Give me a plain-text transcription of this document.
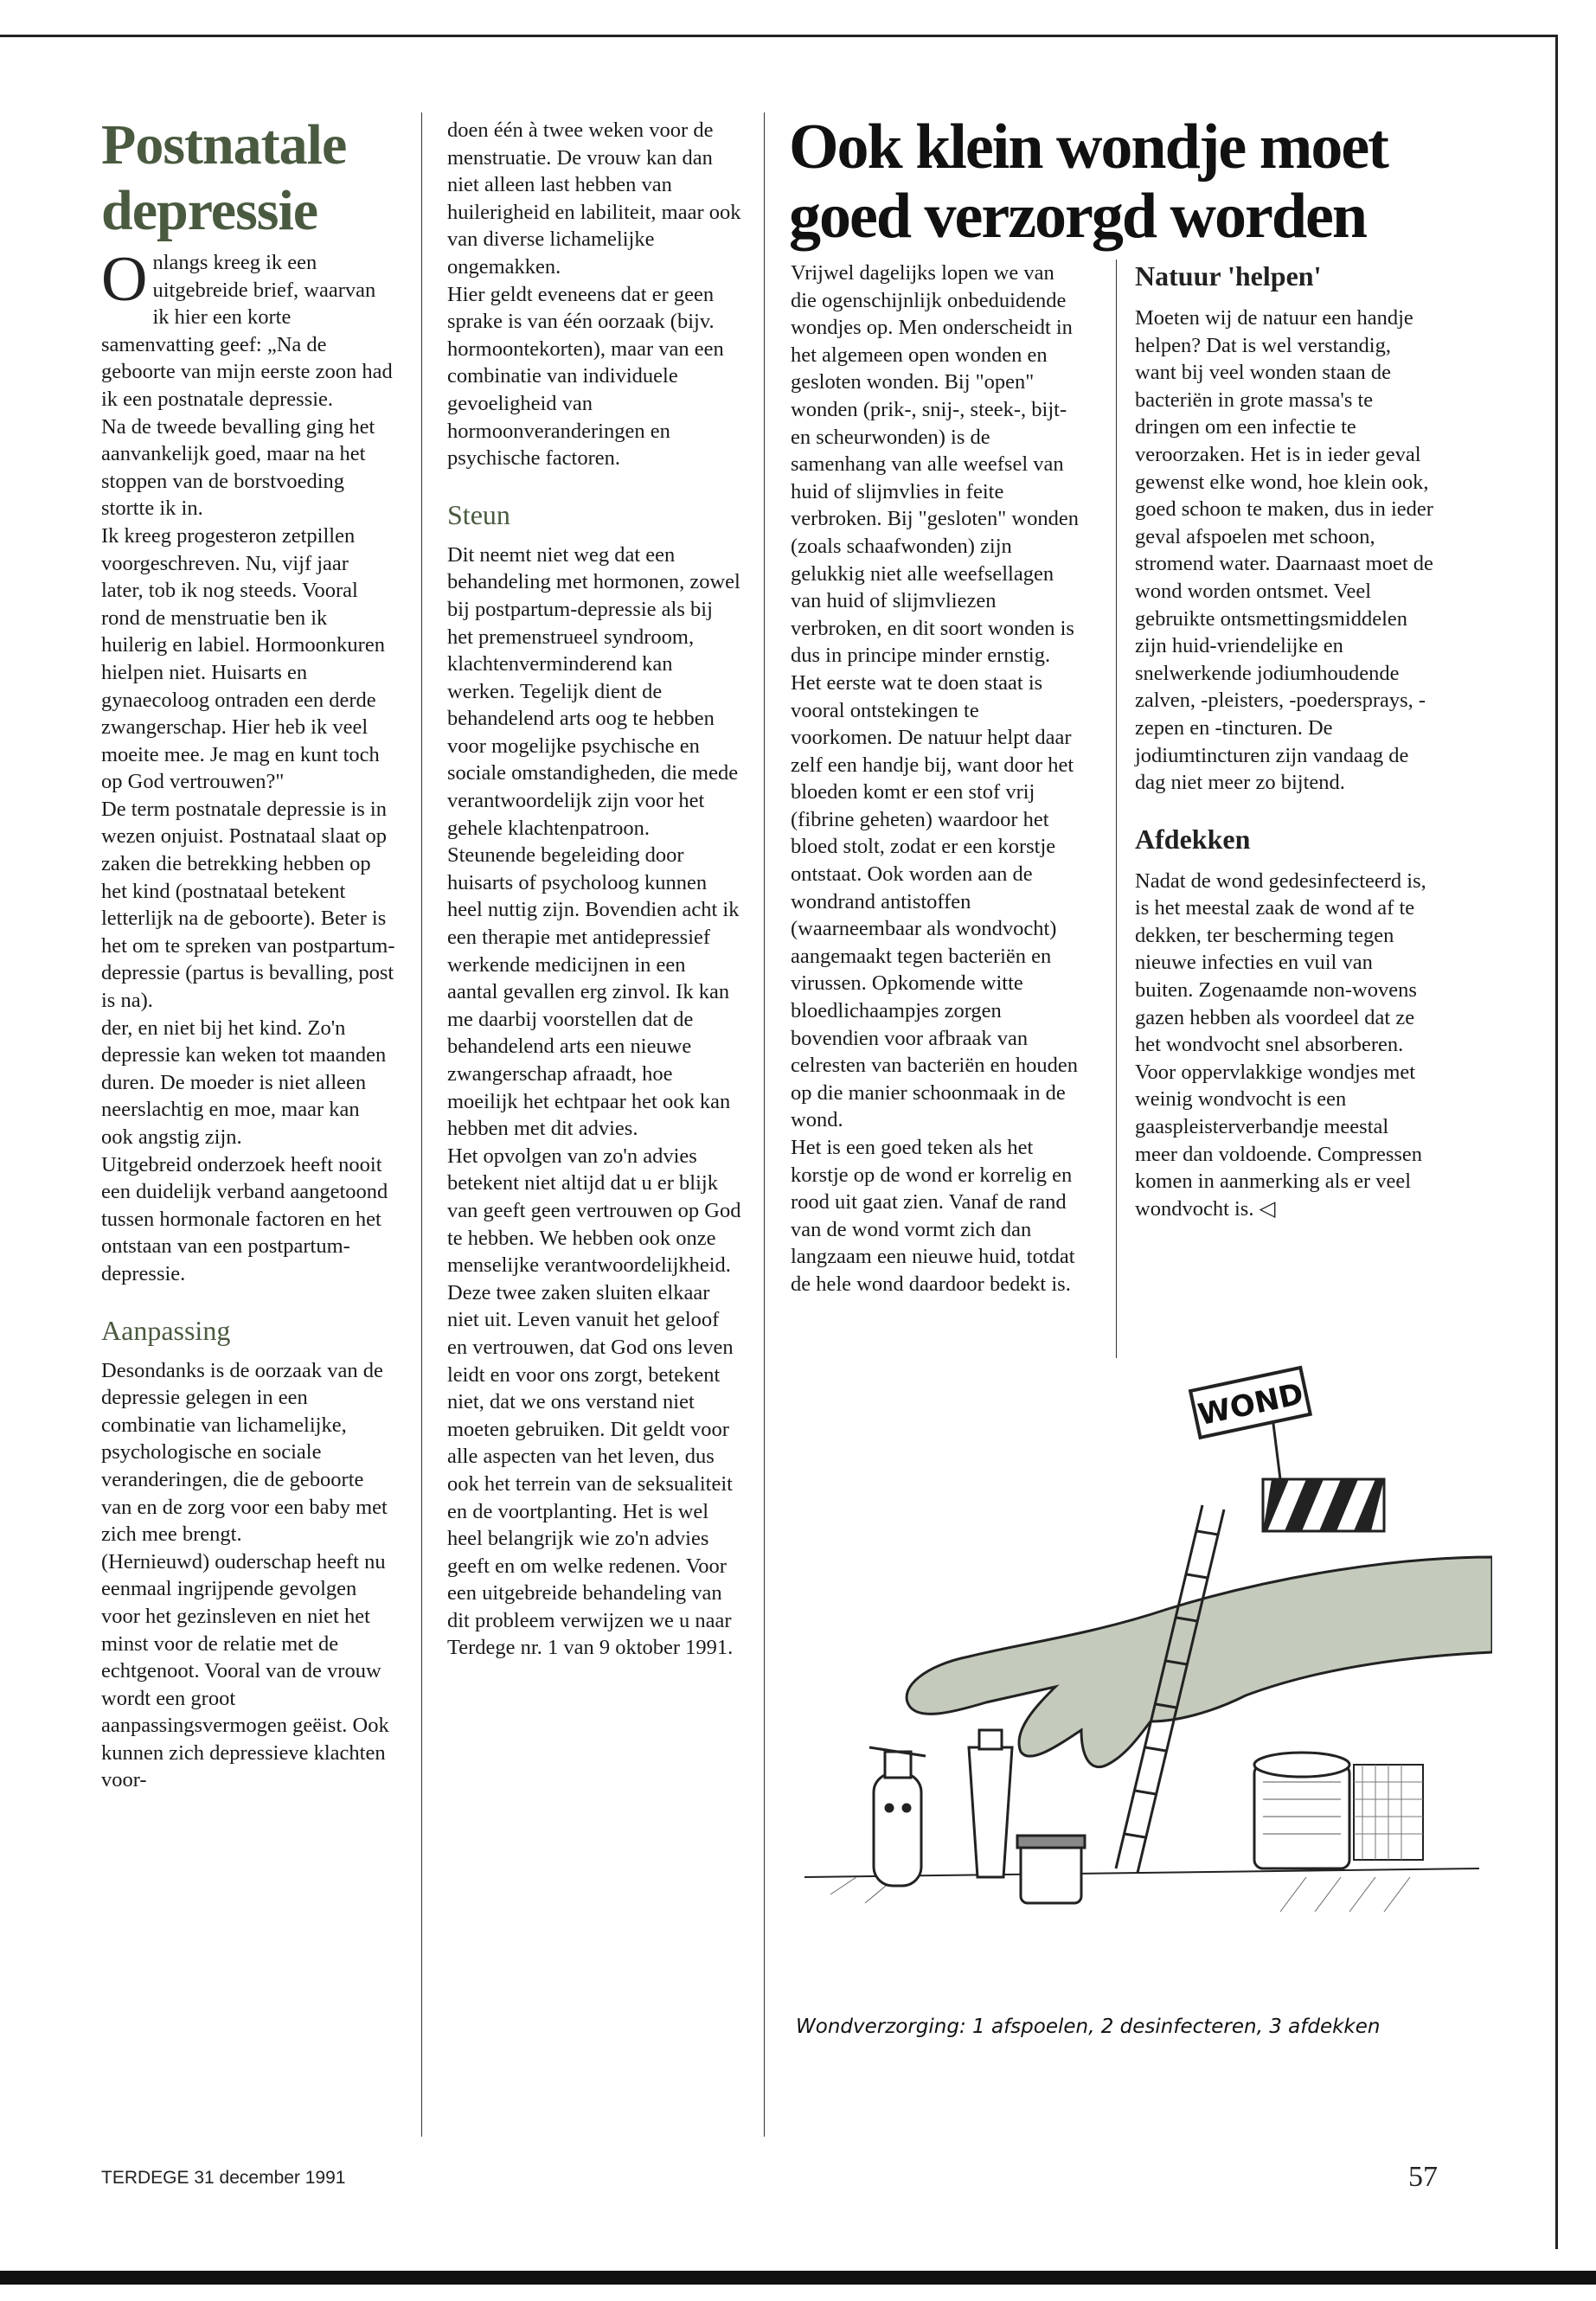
Postnatale
depressie
O nlangs kreeg ik een uitgebreide brief, waarvan ik hier een korte samenvatting geef: „Na de geboorte van mijn eerste zoon had ik een postnatale depressie.

Na de tweede bevalling ging het aanvankelijk goed, maar na het stoppen van de borstvoeding stortte ik in.

Ik kreeg progesteron zetpillen voorgeschreven. Nu, vijf jaar later, tob ik nog steeds. Vooral rond de menstruatie ben ik huilerig en labiel. Hormoonkuren hielpen niet. Huisarts en gynaecoloog ontraden een derde zwangerschap. Hier heb ik veel moeite mee. Je mag en kunt toch op God vertrouwen?"

De term postnatale depressie is in wezen onjuist. Postnataal slaat op zaken die betrekking hebben op het kind (postnataal betekent letterlijk na de geboorte). Beter is het om te spreken van postpartum-depressie (partus is bevalling, post is na).

der, en niet bij het kind. Zo'n depressie kan weken tot maanden duren. De moeder is niet alleen neerslachtig en moe, maar kan ook angstig zijn.

Uitgebreid onderzoek heeft nooit een duidelijk verband aangetoond tussen hormonale factoren en het ontstaan van een postpartum-depressie.

Aanpassing

Desondanks is de oorzaak van de depressie gelegen in een combinatie van lichamelijke, psychologische en sociale veranderingen, die de geboorte van en de zorg voor een baby met zich mee brengt.

(Hernieuwd) ouderschap heeft nu eenmaal ingrijpende gevolgen voor het gezinsleven en niet het minst voor de relatie met de echtgenoot. Vooral van de vrouw wordt een groot aanpassingsvermogen geëist. Ook kunnen zich depressieve klachten voor-

doen één à twee weken voor de menstruatie. De vrouw kan dan niet alleen last hebben van huilerigheid en labiliteit, maar ook van diverse lichamelijke ongemakken.

Hier geldt eveneens dat er geen sprake is van één oorzaak (bijv. hormoontekorten), maar van een combinatie van individuele gevoeligheid van hormoonveranderingen en psychische factoren.

Steun

Dit neemt niet weg dat een behandeling met hormonen, zowel bij postpartum-depressie als bij het premenstrueel syndroom, klachtenverminderend kan werken. Tegelijk dient de behandelend arts oog te hebben voor mogelijke psychische en sociale omstandigheden, die mede verantwoordelijk zijn voor het gehele klachtenpatroon.

Steunende begeleiding door huisarts of psycholoog kunnen heel nuttig zijn. Bovendien acht ik een therapie met antidepressief werkende medicijnen in een aantal gevallen erg zinvol. Ik kan me daarbij voorstellen dat de behandelend arts een nieuwe zwangerschap afraadt, hoe moeilijk het echtpaar het ook kan hebben met dit advies.

Het opvolgen van zo'n advies betekent niet altijd dat u er blijk van geeft geen vertrouwen op God te hebben. We hebben ook onze menselijke verantwoordelijkheid. Deze twee zaken sluiten elkaar niet uit. Leven vanuit het geloof en vertrouwen, dat God ons leven leidt en voor ons zorgt, betekent niet, dat we ons verstand niet moeten gebruiken. Dit geldt voor alle aspecten van het leven, dus ook het terrein van de seksualiteit en de voortplanting. Het is wel heel belangrijk wie zo'n advies geeft en om welke redenen. Voor een uitgebreide behandeling van dit probleem verwijzen we u naar Terdege nr. 1 van 9 oktober 1991.

Ook klein wondje moet
goed verzorgd worden

Vrijwel dagelijks lopen we van die ogenschijnlijk onbeduidende wondjes op. Men onderscheidt in het algemeen open wonden en gesloten wonden. Bij "open" wonden (prik-, snij-, steek-, bijt- en scheurwonden) is de samenhang van alle weefsel van huid of slijmvlies in feite verbroken. Bij "gesloten" wonden (zoals schaafwonden) zijn gelukkig niet alle weefsellagen van huid of slijmvliezen verbroken, en dit soort wonden is dus in principe minder ernstig.

Het eerste wat te doen staat is vooral ontstekingen te voorkomen. De natuur helpt daar zelf een handje bij, want door het bloeden komt er een stof vrij (fibrine geheten) waardoor het bloed stolt, zodat er een korstje ontstaat. Ook worden aan de wondrand antistoffen (waarneembaar als wondvocht) aangemaakt tegen bacteriën en virussen. Opkomende witte bloedlichaampjes zorgen bovendien voor afbraak van celresten van bacteriën en houden op die manier schoonmaak in de wond.

Het is een goed teken als het korstje op de wond er korrelig en rood uit gaat zien. Vanaf de rand van de wond vormt zich dan langzaam een nieuwe huid, totdat de hele wond daardoor bedekt is.

Natuur 'helpen'

Moeten wij de natuur een handje helpen? Dat is wel verstandig, want bij veel wonden staan de bacteriën in grote massa's te dringen om een infectie te veroorzaken. Het is in ieder geval gewenst elke wond, hoe klein ook, goed schoon te maken, dus in ieder geval afspoelen met schoon, stromend water. Daarnaast moet de wond worden ontsmet. Veel gebruikte ontsmettingsmiddelen zijn huid-vriendelijke en snelwerkende jodiumhoudende zalven, -pleisters, -poedersprays, -zepen en -tincturen. De jodiumtincturen zijn vandaag de dag niet meer zo bijtend.

Afdekken

Nadat de wond gedesinfecteerd is, is het meestal zaak de wond af te dekken, ter bescherming tegen nieuwe infecties en vuil van buiten. Zogenaamde non-wovens gazen hebben als voordeel dat ze het wondvocht snel absorberen. Voor oppervlakkige wondjes met weinig wondvocht is een gaaspleisterverbandje meestal meer dan voldoende. Compressen komen in aanmerking als er veel wondvocht is. ◁

WOND
Wondverzorging: 1 afspoelen, 2 desinfecteren, 3 afdekken
TERDEGE 31 december 1991	57
